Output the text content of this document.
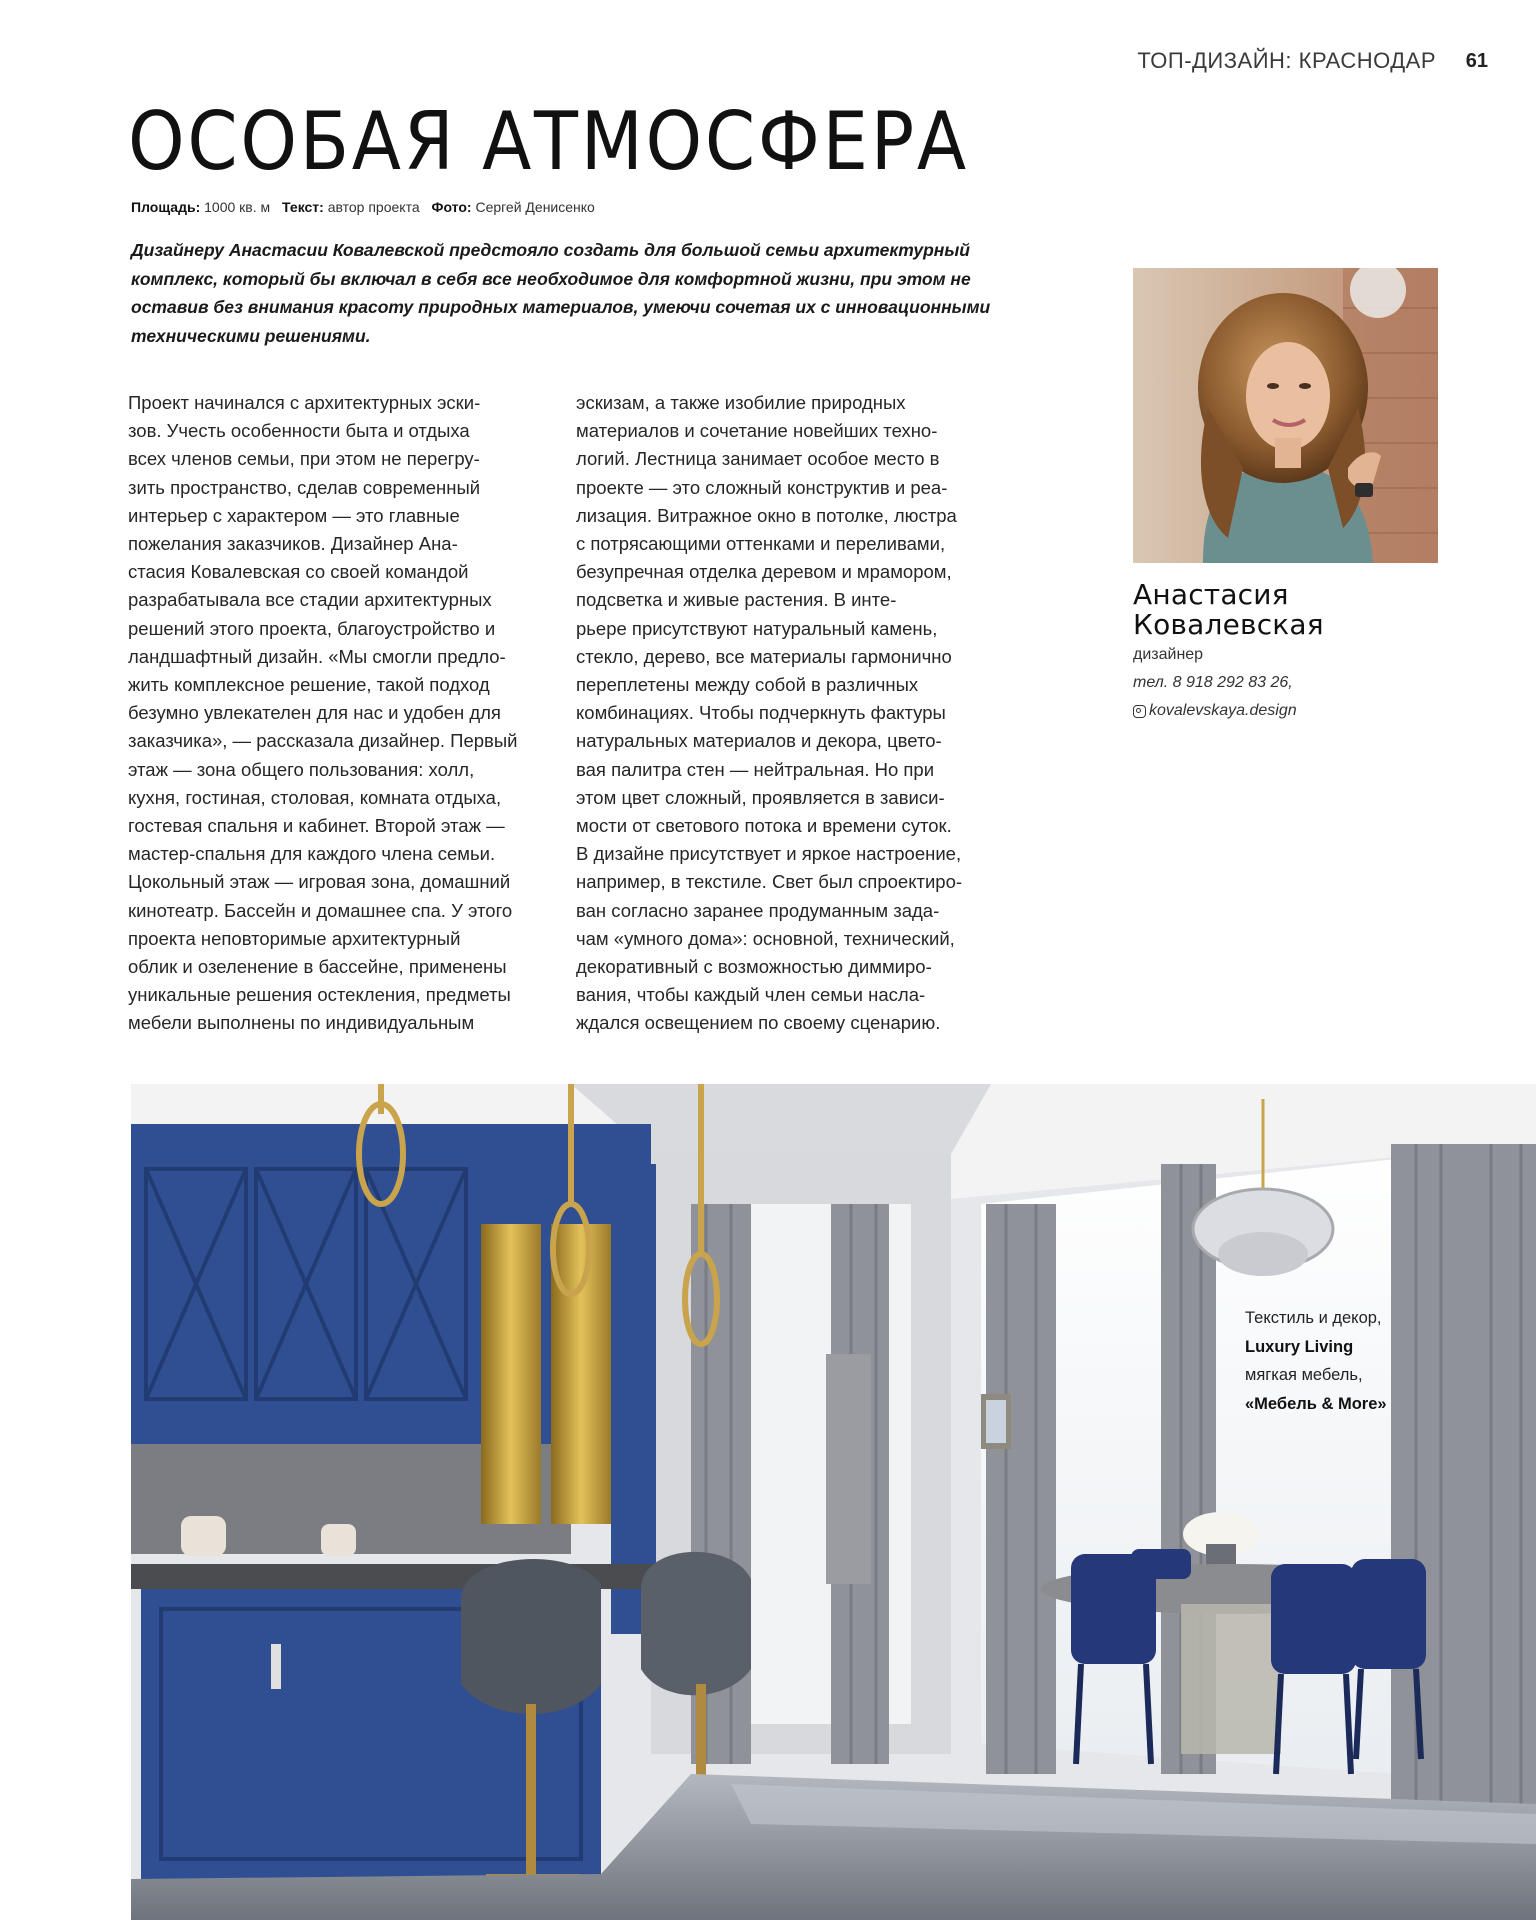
ТОП-ДИЗАЙН: КРАСНОДАР 61
ОСОБАЯ АТМОСФЕРА
Площадь: 1000 кв. м Текст: автор проекта Фото: Сергей Денисенко
Дизайнеру Анастасии Ковалевской предстояло создать для большой семьи архитектурный комплекс, который бы включал в себя все необходимое для комфортной жизни, при этом не оставив без внимания красоту природных материалов, умеючи сочетая их с инновационными техническими решениями.
Проект начинался с архитектурных эски-
зов. Учесть особенности быта и отдыха
всех членов семьи, при этом не перегру-
зить пространство, сделав современный
интерьер с характером — это главные
пожелания заказчиков. Дизайнер Ана-
стасия Ковалевская со своей командой
разрабатывала все стадии архитектурных
решений этого проекта, благоустройство и
ландшафтный дизайн. «Мы смогли предло-
жить комплексное решение, такой подход
безумно увлекателен для нас и удобен для
заказчика», — рассказала дизайнер. Первый
этаж — зона общего пользования: холл,
кухня, гостиная, столовая, комната отдыха,
гостевая спальня и кабинет. Второй этаж —
мастер-спальня для каждого члена семьи.
Цокольный этаж — игровая зона, домашний
кинотеатр. Бассейн и домашнее спа. У этого
проекта неповторимые архитектурный
облик и озеленение в бассейне, применены
уникальные решения остекления, предметы
мебели выполнены по индивидуальным
эскизам, а также изобилие природных
материалов и сочетание новейших техно-
логий. Лестница занимает особое место в
проекте — это сложный конструктив и реа-
лизация. Витражное окно в потолке, люстра
с потрясающими оттенками и переливами,
безупречная отделка деревом и мрамором,
подсветка и живые растения. В инте-
рьере присутствуют натуральный камень,
стекло, дерево, все материалы гармонично
переплетены между собой в различных
комбинациях. Чтобы подчеркнуть фактуры
натуральных материалов и декора, цвето-
вая палитра стен — нейтральная. Но при
этом цвет сложный, проявляется в зависи-
мости от светового потока и времени суток.
В дизайне присутствует и яркое настроение,
например, в текстиле. Свет был спроектиро-
ван согласно заранее продуманным зада-
чам «умного дома»: основной, технический,
декоративный с возможностью диммиро-
вания, чтобы каждый член семьи насла-
ждался освещением по своему сценарию.
Анастасия
Ковалевская
дизайнер
тел. 8 918 292 83 26,
kovalevskaya.design
Текстиль и декор,
Luxury Living
мягкая мебель,
«Мебель & More»
